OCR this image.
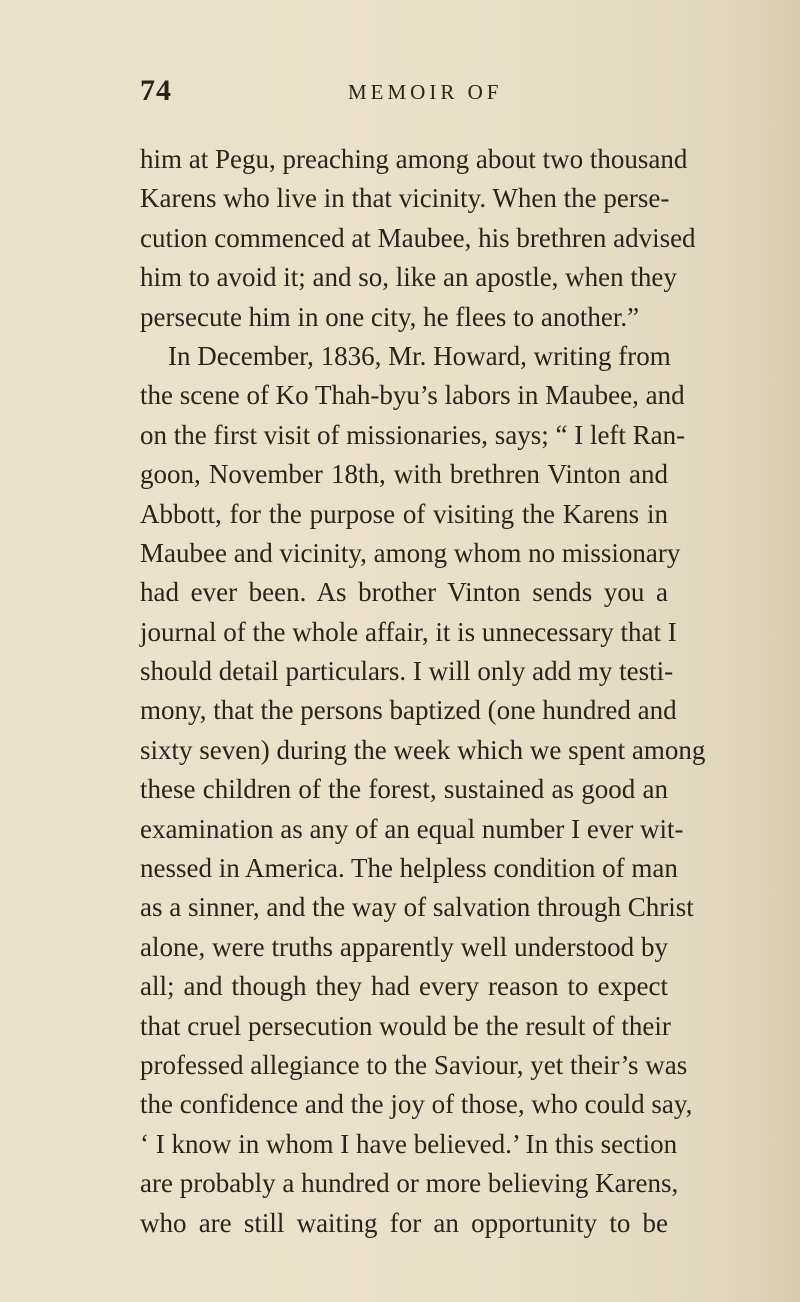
74	MEMOIR OF
him at Pegu, preaching among about two thousand
Karens who live in that vicinity. When the perse-
cution commenced at Maubee, his brethren advised
him to avoid it; and so, like an apostle, when they
persecute him in one city, he flees to another.”
In December, 1836, Mr. Howard, writing from
the scene of Ko Thah-byu’s labors in Maubee, and
on the first visit of missionaries, says; “ I left Ran-
goon, November 18th, with brethren Vinton and
Abbott, for the purpose of visiting the Karens in
Maubee and vicinity, among whom no missionary
had ever been. As brother Vinton sends you a
journal of the whole affair, it is unnecessary that I
should detail particulars. I will only add my testi-
mony, that the persons baptized (one hundred and
sixty seven) during the week which we spent among
these children of the forest, sustained as good an
examination as any of an equal number I ever wit-
nessed in America. The helpless condition of man
as a sinner, and the way of salvation through Christ
alone, were truths apparently well understood by
all; and though they had every reason to expect
that cruel persecution would be the result of their
professed allegiance to the Saviour, yet their’s was
the confidence and the joy of those, who could say,
‘ I know in whom I have believed.’ In this section
are probably a hundred or more believing Karens,
who are still waiting for an opportunity to be
